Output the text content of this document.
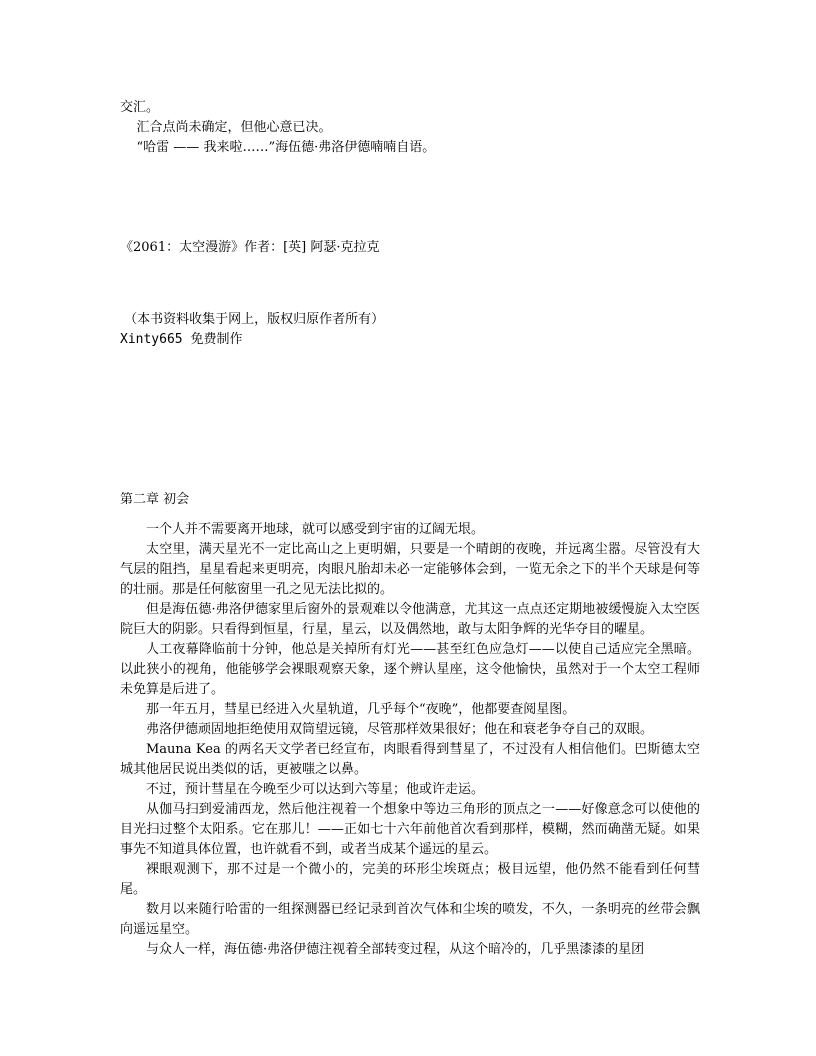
交汇。

汇合点尚未确定，但他心意已决。

“哈雷 —— 我来啦……”海伍德·弗洛伊德喃喃自语。

《2061：太空漫游》作者：[英] 阿瑟·克拉克

（本书资料收集于网上，版权归原作者所有）

Xinty665 免费制作

第二章 初会

一个人并不需要离开地球，就可以感受到宇宙的辽阔无垠。

太空里，满天星光不一定比高山之上更明媚，只要是一个晴朗的夜晚，并远离尘嚣。尽管没有大气层的阻挡，星星看起来更明亮，肉眼凡胎却未必一定能够体会到，一览无余之下的半个天球是何等的壮丽。那是任何舷窗里一孔之见无法比拟的。

但是海伍德·弗洛伊德家里后窗外的景观难以令他满意，尤其这一点点还定期地被缓慢旋入太空医院巨大的阴影。只看得到恒星，行星，星云，以及偶然地，敢与太阳争辉的光华夺目的曜星。

人工夜幕降临前十分钟，他总是关掉所有灯光——甚至红色应急灯——以使自己适应完全黑暗。以此狭小的视角，他能够学会裸眼观察天象，逐个辨认星座，这令他愉快，虽然对于一个太空工程师未免算是后进了。

那一年五月，彗星已经进入火星轨道，几乎每个“夜晚”，他都要查阅星图。

弗洛伊德顽固地拒绝使用双筒望远镜，尽管那样效果很好；他在和衰老争夺自己的双眼。

Mauna Kea 的两名天文学者已经宣布，肉眼看得到彗星了，不过没有人相信他们。巴斯德太空城其他居民说出类似的话，更被嗤之以鼻。

不过，预计彗星在今晚至少可以达到六等星；他或许走运。

从伽马扫到爱浦西龙，然后他注视着一个想象中等边三角形的顶点之一——好像意念可以使他的目光扫过整个太阳系。它在那儿！——正如七十六年前他首次看到那样，模糊，然而确凿无疑。如果事先不知道具体位置，也许就看不到，或者当成某个遥远的星云。

裸眼观测下，那不过是一个微小的，完美的环形尘埃斑点；极目远望，他仍然不能看到任何彗尾。

数月以来随行哈雷的一组探测器已经记录到首次气体和尘埃的喷发，不久，一条明亮的丝带会飘向遥远星空。

与众人一样，海伍德·弗洛伊德注视着全部转变过程，从这个暗冷的，几乎黑漆漆的星团
